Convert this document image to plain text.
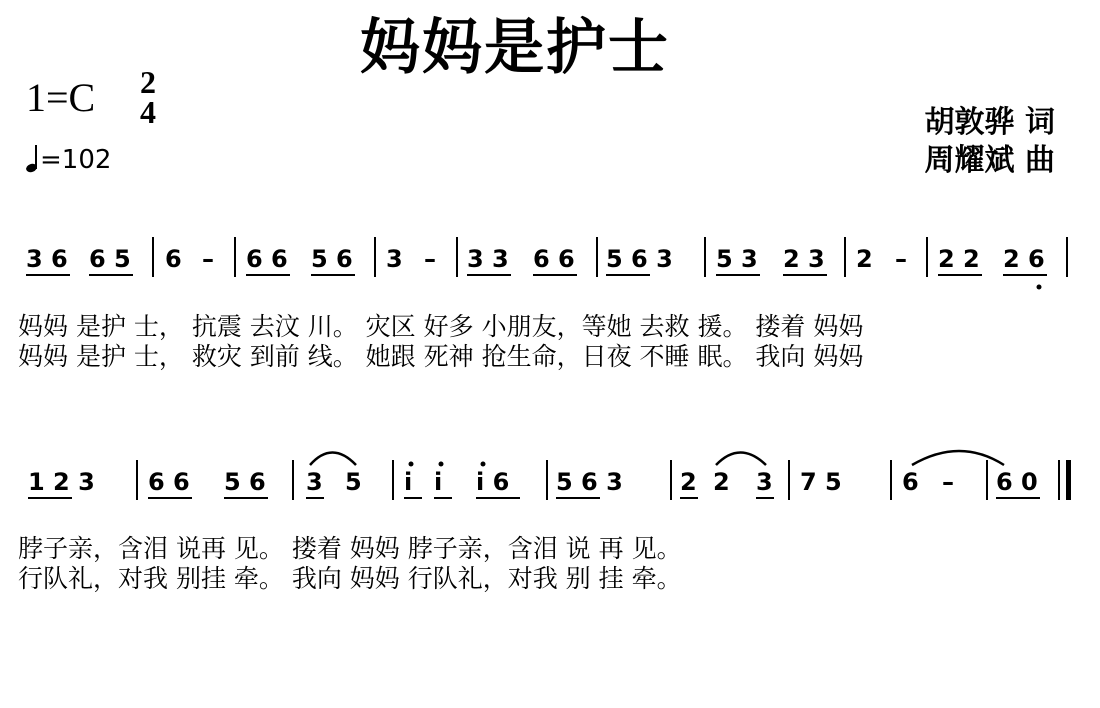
妈妈是护士
1=C 2
4
=102
胡敦骅 词
周耀斌 曲
3 6 6 5 6 – 6 6 5 6 3 – 3 3 6 6 5 6 3 5 3 2 3 2 – 2 2 2 6
妈妈 是护 士， 抗震 去汶 川。 灾区 好多 小朋友，等她 去救 援。 搂着 妈妈
妈妈 是护 士， 救灾 到前 线。 她跟 死神 抢生命，日夜 不睡 眠。 我向 妈妈
1 2 3 6 6 5 6 3 5 i i i 6 5 6 3 2 2 3 7 5	6 – 6 0
脖子亲，含泪 说再 见。 搂着 妈妈 脖子亲，含泪 说 再 见。
行队礼，对我 别挂 牵。 我向 妈妈 行队礼，对我 别 挂 牵。
